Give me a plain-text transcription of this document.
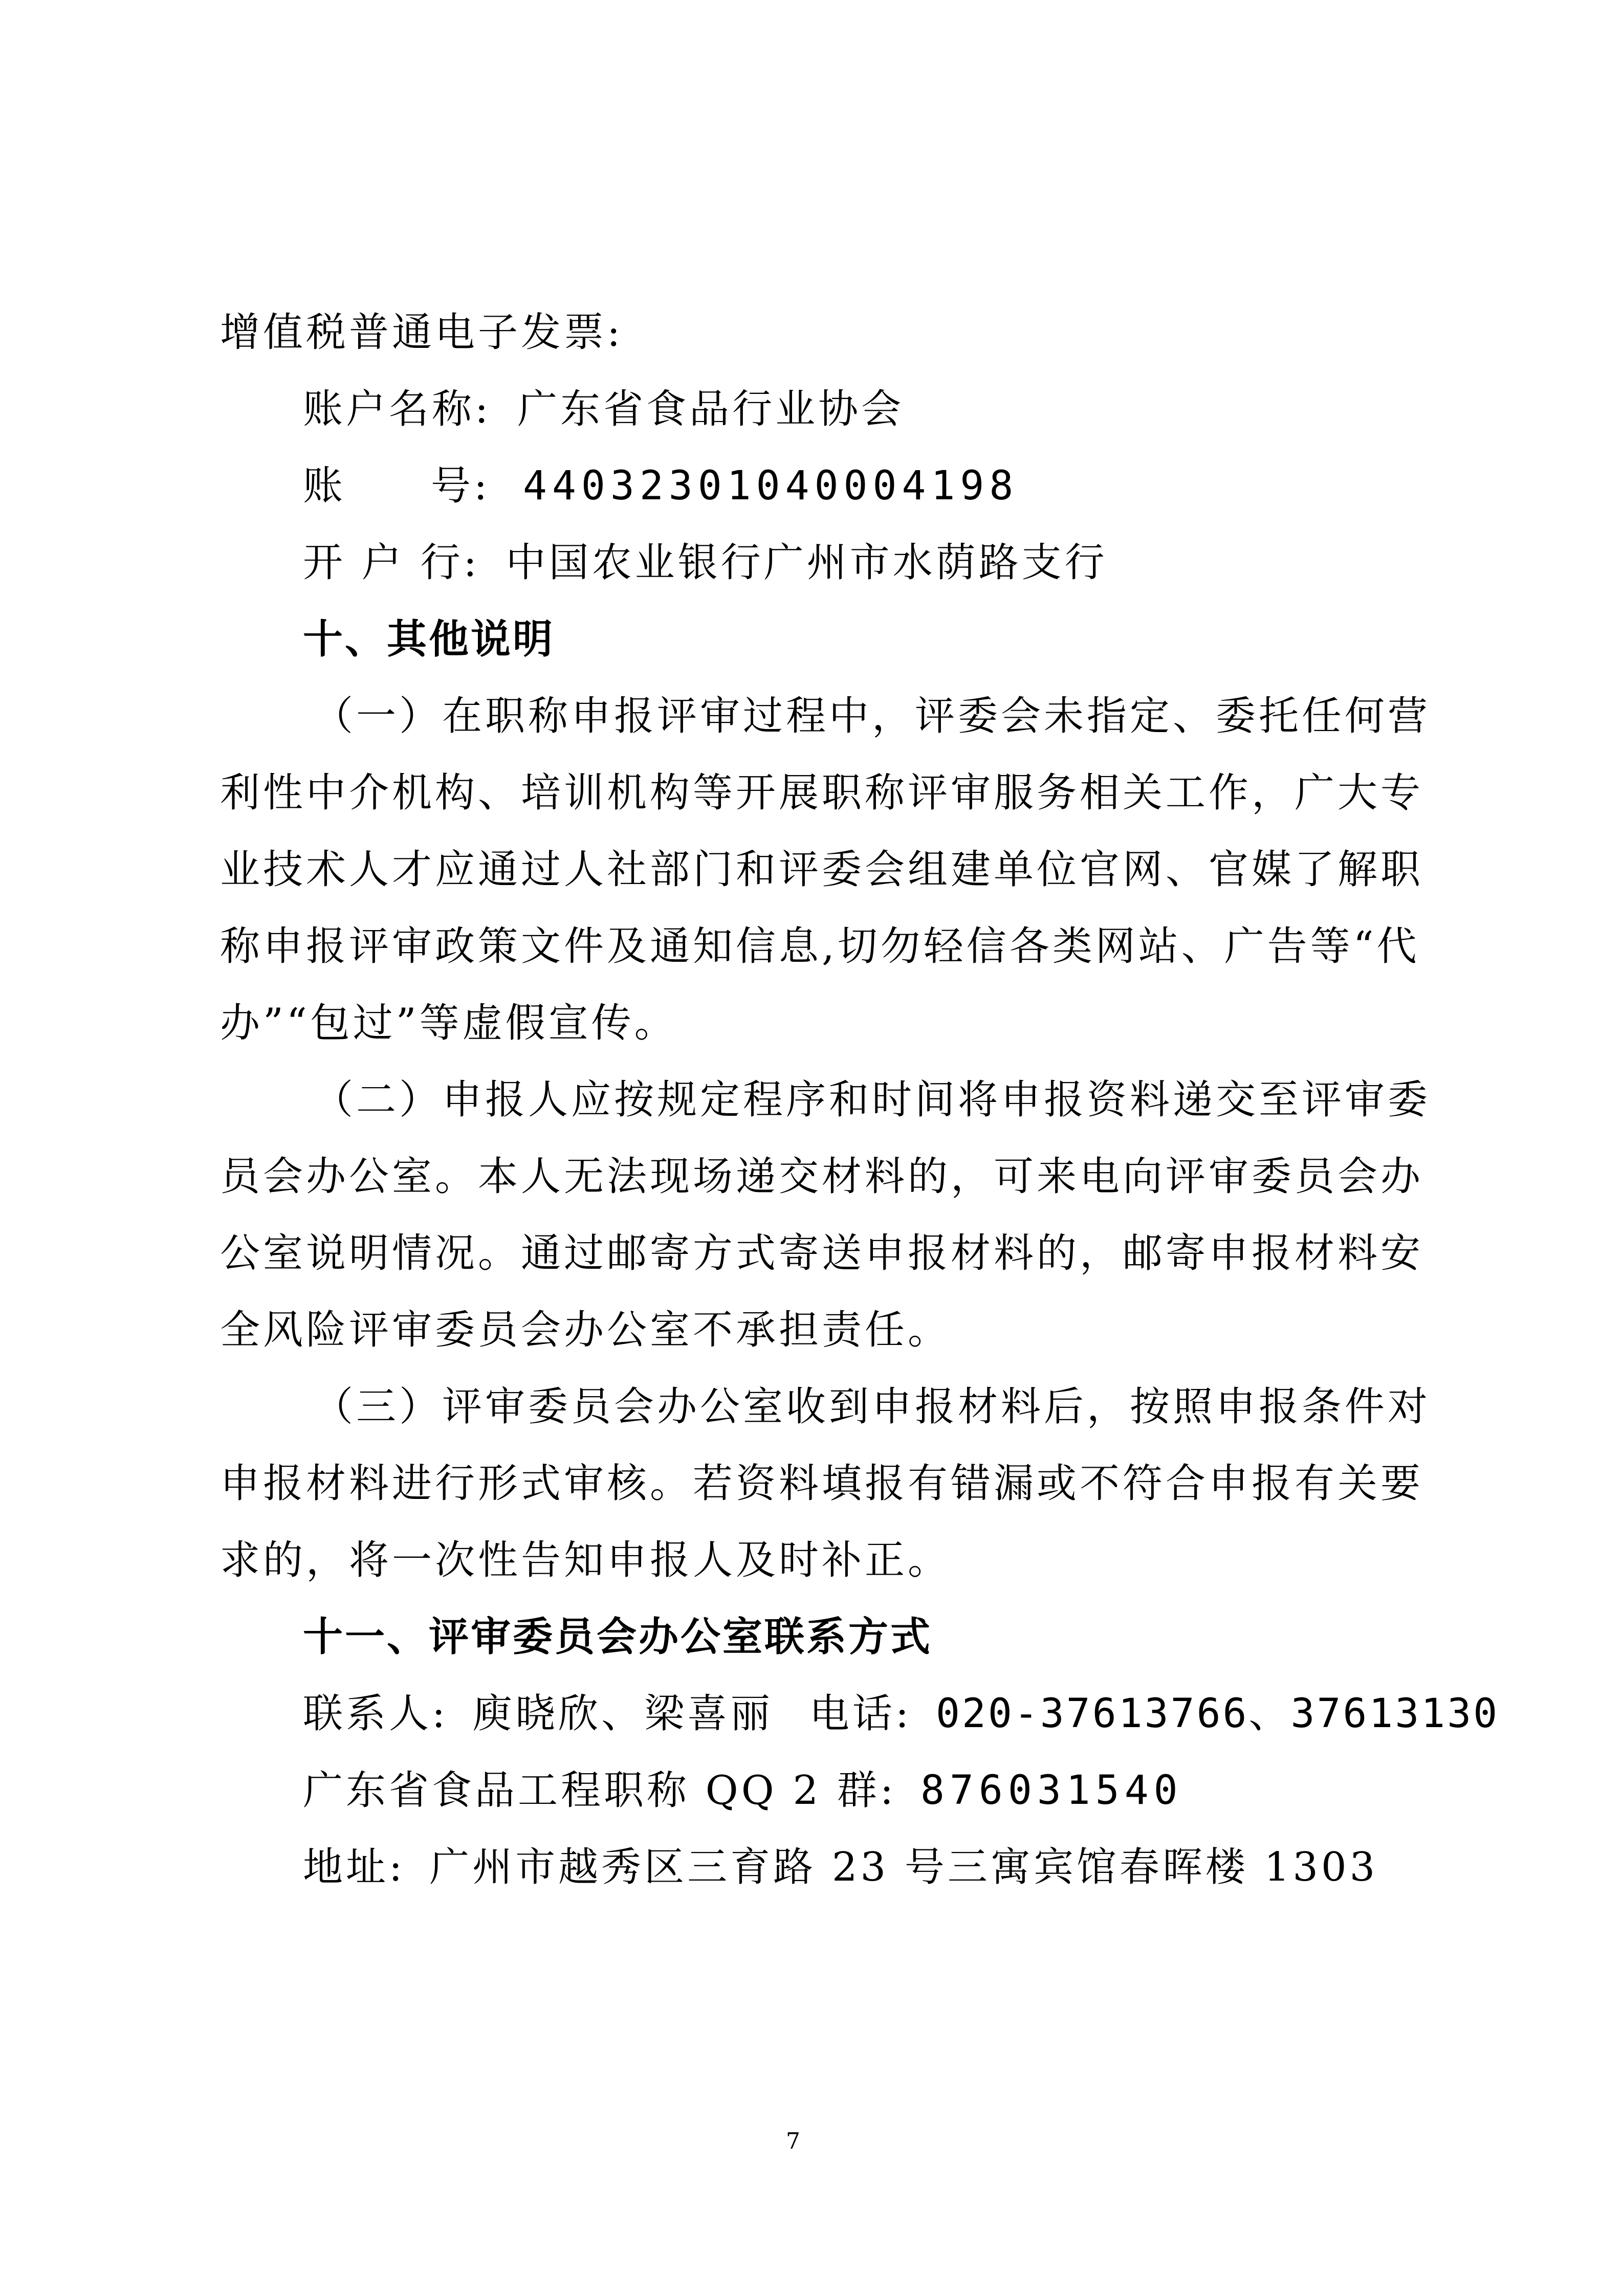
增值税普通电子发票:
账户名称: 广东省食品行业协会
账 号: 44032301040004198
开 户 行: 中国农业银行广州市水荫路支行
十、其他说明
（一）在职称申报评审过程中，评委会未指定、委托任何营
利性中介机构、培训机构等开展职称评审服务相关工作，广大专
业技术人才应通过人社部门和评委会组建单位官网、官媒了解职
称申报评审政策文件及通知信息,切勿轻信各类网站、广告等“代
办”“包过”等虚假宣传。
（二）申报人应按规定程序和时间将申报资料递交至评审委
员会办公室。本人无法现场递交材料的，可来电向评审委员会办
公室说明情况。通过邮寄方式寄送申报材料的，邮寄申报材料安
全风险评审委员会办公室不承担责任。
（三）评审委员会办公室收到申报材料后，按照申报条件对
申报材料进行形式审核。若资料填报有错漏或不符合申报有关要
求的，将一次性告知申报人及时补正。
十一、评审委员会办公室联系方式
联系人: 庾晓欣、梁喜丽 电话: 020-37613766、37613130
广东省食品工程职称 QQ 2 群: 876031540
地址: 广州市越秀区三育路 23 号三寓宾馆春晖楼 1303
7
